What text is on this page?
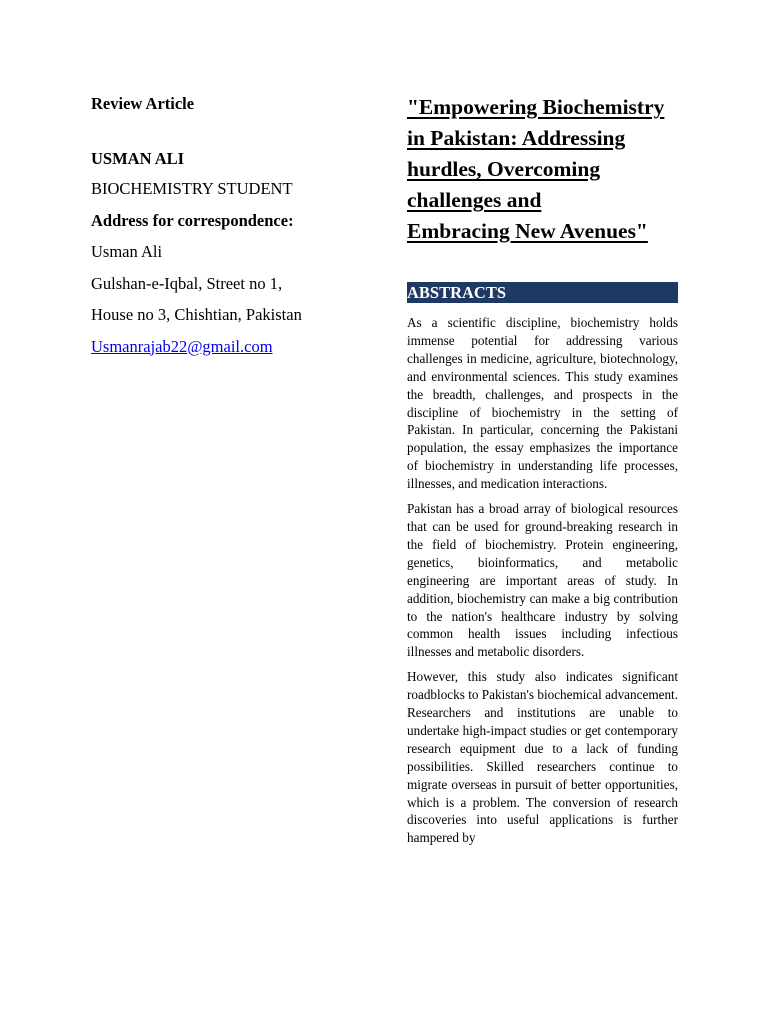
Review Article

USMAN ALI

BIOCHEMISTRY STUDENT

Address for correspondence:

Usman Ali

Gulshan-e-Iqbal, Street no 1,

House no 3, Chishtian, Pakistan

Usmanrajab22@gmail.com

"Empowering Biochemistry
in Pakistan: Addressing
hurdles, Overcoming
challenges and
Embracing New Avenues"
ABSTRACTS

As a scientific discipline, biochemistry holds immense potential for addressing various challenges in medicine, agriculture, biotechnology, and environmental sciences. This study examines the breadth, challenges, and prospects in the discipline of biochemistry in the setting of Pakistan. In particular, concerning the Pakistani population, the essay emphasizes the importance of biochemistry in understanding life processes, illnesses, and medication interactions.

Pakistan has a broad array of biological resources that can be used for ground-breaking research in the field of biochemistry. Protein engineering, genetics, bioinformatics, and metabolic engineering are important areas of study. In addition, biochemistry can make a big contribution to the nation's healthcare industry by solving common health issues including infectious illnesses and metabolic disorders.

However, this study also indicates significant roadblocks to Pakistan's biochemical advancement. Researchers and institutions are unable to undertake high-impact studies or get contemporary research equipment due to a lack of funding possibilities. Skilled researchers continue to migrate overseas in pursuit of better opportunities, which is a problem. The conversion of research discoveries into useful applications is further hampered by
